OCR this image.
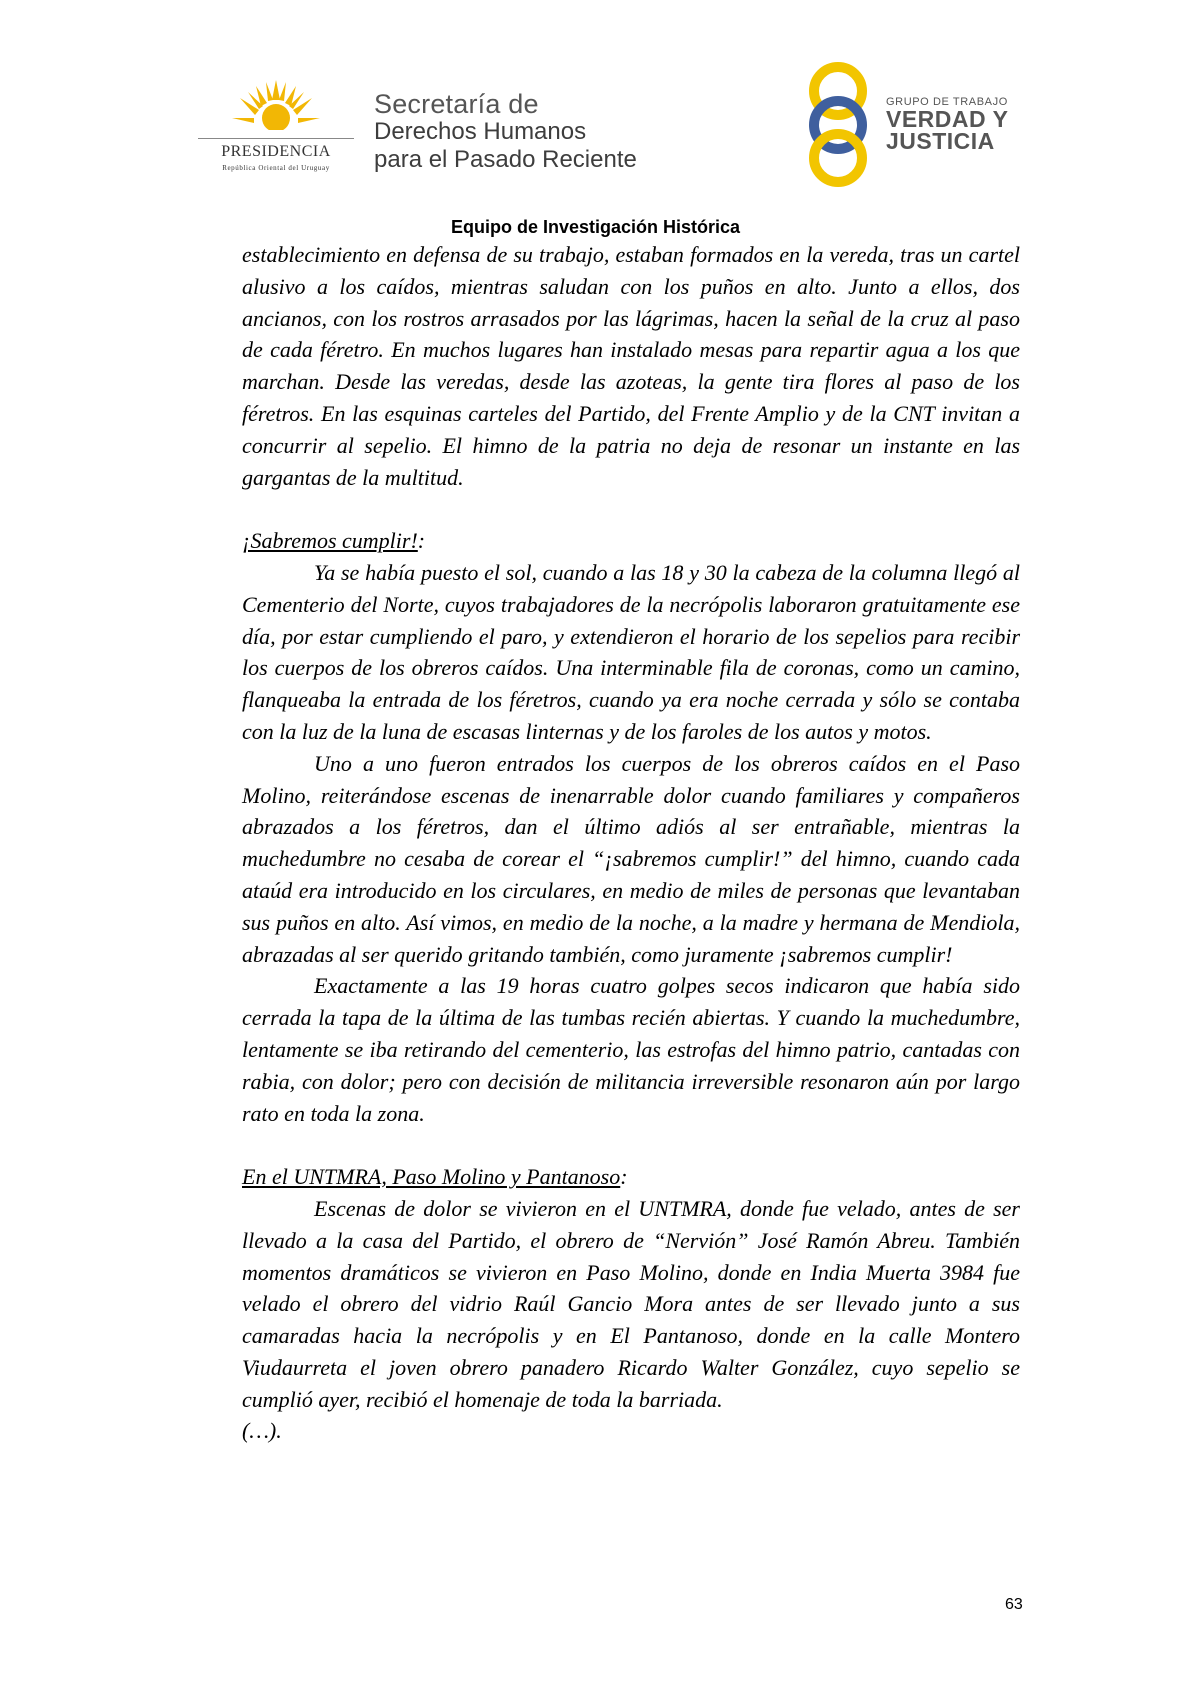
PRESIDENCIA
República Oriental del Uruguay
Secretaría de
Derechos Humanos
para el Pasado Reciente
GRUPO DE TRABAJO
VERDAD Y
JUSTICIA
Equipo de Investigación Histórica

establecimiento en defensa de su trabajo, estaban formados en la vereda, tras un cartel alusivo a los caídos, mientras saludan con los puños en alto. Junto a ellos, dos ancianos, con los rostros arrasados por las lágrimas, hacen la señal de la cruz al paso de cada féretro. En muchos lugares han instalado mesas para repartir agua a los que marchan. Desde las veredas, desde las azoteas, la gente tira flores al paso de los féretros. En las esquinas carteles del Partido, del Frente Amplio y de la CNT invitan a concurrir al sepelio. El himno de la patria no deja de resonar un instante en las gargantas de la multitud.

¡Sabremos cumplir!:

Ya se había puesto el sol, cuando a las 18 y 30 la cabeza de la columna llegó al Cementerio del Norte, cuyos trabajadores de la necrópolis laboraron gratuitamente ese día, por estar cumpliendo el paro, y extendieron el horario de los sepelios para recibir los cuerpos de los obreros caídos. Una interminable fila de coronas, como un camino, flanqueaba la entrada de los féretros, cuando ya era noche cerrada y sólo se contaba con la luz de la luna de escasas linternas y de los faroles de los autos y motos.

Uno a uno fueron entrados los cuerpos de los obreros caídos en el Paso Molino, reiterándose escenas de inenarrable dolor cuando familiares y compañeros abrazados a los féretros, dan el último adiós al ser entrañable, mientras la muchedumbre no cesaba de corear el “¡sabremos cumplir!” del himno, cuando cada ataúd era introducido en los circulares, en medio de miles de personas que levantaban sus puños en alto. Así vimos, en medio de la noche, a la madre y hermana de Mendiola, abrazadas al ser querido gritando también, como juramente ¡sabremos cumplir!

Exactamente a las 19 horas cuatro golpes secos indicaron que había sido cerrada la tapa de la última de las tumbas recién abiertas. Y cuando la muchedumbre, lentamente se iba retirando del cementerio, las estrofas del himno patrio, cantadas con rabia, con dolor; pero con decisión de militancia irreversible resonaron aún por largo rato en toda la zona.

En el UNTMRA, Paso Molino y Pantanoso:

Escenas de dolor se vivieron en el UNTMRA, donde fue velado, antes de ser llevado a la casa del Partido, el obrero de “Nervión” José Ramón Abreu. También momentos dramáticos se vivieron en Paso Molino, donde en India Muerta 3984 fue velado el obrero del vidrio Raúl Gancio Mora antes de ser llevado junto a sus camaradas hacia la necrópolis y en El Pantanoso, donde en la calle Montero Viudaurreta el joven obrero panadero Ricardo Walter González, cuyo sepelio se cumplió ayer, recibió el homenaje de toda la barriada.

(…).

63
